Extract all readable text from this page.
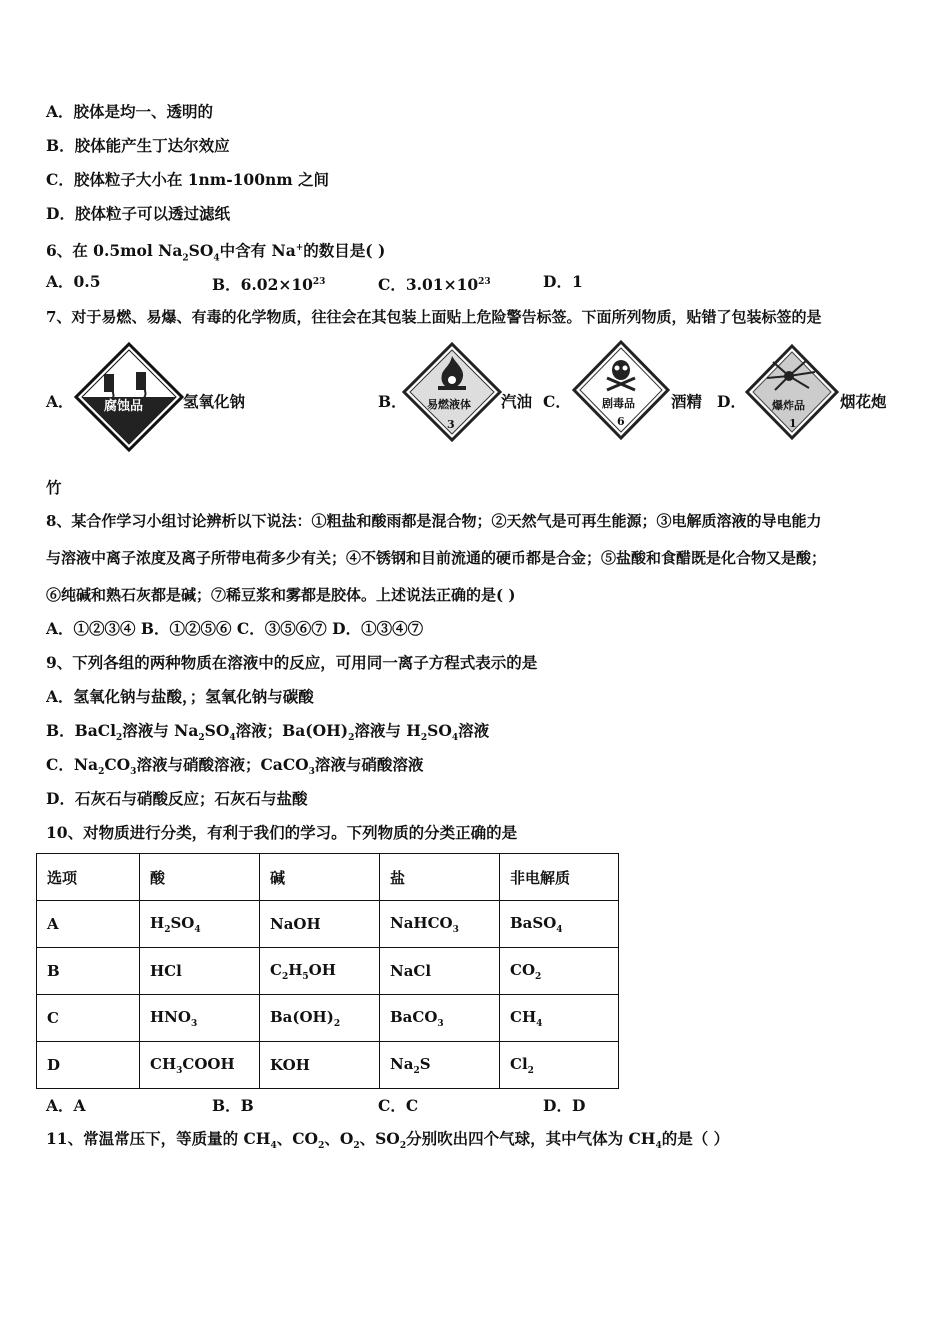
A．胶体是均一、透明的
B．胶体能产生丁达尔效应
C．胶体粒子大小在 1nm-100nm 之间
D．胶体粒子可以透过滤纸
6、在 0.5mol $Na_2SO_4$中含有 Na+的数目是( )
A．0.5	B．$6.02\times 10^{23}$	C．$3.01\times 10^{23}$	D．1
7、对于易燃、易爆、有毒的化学物质，往往会在其包装上面贴上危险警告标签。下面所列物质，贴错了包装标签的是
A． 腐蚀品	氢氧化钠	B． 易燃液体
3
汽油 C．	剧毒品
6
酒精 D． 爆炸品
1
烟花炮
竹
8、某合作学习小组讨论辨析以下说法：①粗盐和酸雨都是混合物；②天然气是可再生能源；③电解质溶液的导电能力
与溶液中离子浓度及离子所带电荷多少有关；④不锈钢和目前流通的硬币都是合金；⑤盐酸和食醋既是化合物又是酸；
⑥纯碱和熟石灰都是碱；⑦稀豆浆和雾都是胶体。上述说法正确的是( )
A．①②③④ B．①②⑤⑥ C．③⑤⑥⑦ D．①③④⑦
9、下列各组的两种物质在溶液中的反应，可用同一离子方程式表示的是
A．氢氧化钠与盐酸，；氢氧化钠与碳酸
B．BaCl$_2$溶液与 $Na_2SO_4$溶液；$Ba(OH)_2$溶液与 $H_2SO_4$溶液
C．$Na_2CO_3$溶液与硝酸溶液；CaCO$_3$溶液与硝酸溶液
D．石灰石与硝酸反应；石灰石与盐酸
10、对物质进行分类，有利于我们的学习。下列物质的分类正确的是
选项	酸	碱	盐	非电解质
A	$H_2SO_4$	NaOH	NaHCO$_3$	BaSO$_4$
B	HCl	$C_2H_5OH$	NaCl	$CO_2$
C	$HNO_3$	$Ba(OH)_2$	BaCO$_3$	$CH_4$
D	$CH_3COOH$	KOH	$Na_2S$	$Cl_2$
A．A	B．B	C．C	D．D
11、常温常压下，等质量的 $CH_4$、$CO_2$、$O_2$、$SO_2$分别吹出四个气球，其中气体为 $CH_4$的是（ ）
